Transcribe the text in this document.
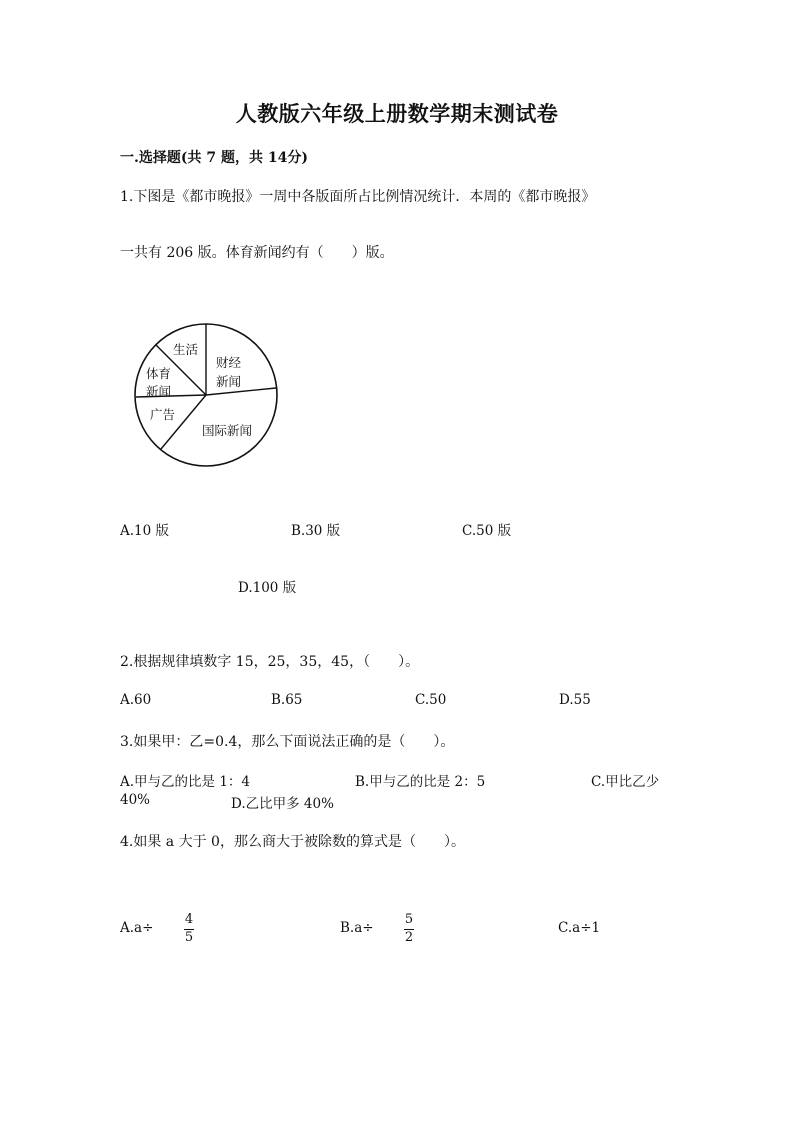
人教版六年级上册数学期末测试卷
一.选择题(共 7 题，共 14分)
1.下图是《都市晚报》一周中各版面所占比例情况统计．本周的《都市晚报》
一共有 206 版。体育新闻约有（　　）版。
生活
体育
新闻
财经
新闻
广告
国际新闻
A.10 版	B.30 版	C.50 版
D.100 版
2.根据规律填数字 15，25，35，45，（　　）。
A.60	B.65	C.50	D.55
3.如果甲：乙=0.4，那么下面说法正确的是（　　）。
A.甲与乙的比是 1：4	B.甲与乙的比是 2：5	C.甲比乙少
40%	D.乙比甲多 40%
4.如果 a 大于 0，那么商大于被除数的算式是（　　）。
A.a÷
4
5
B.a÷
5
2
C.a÷1
